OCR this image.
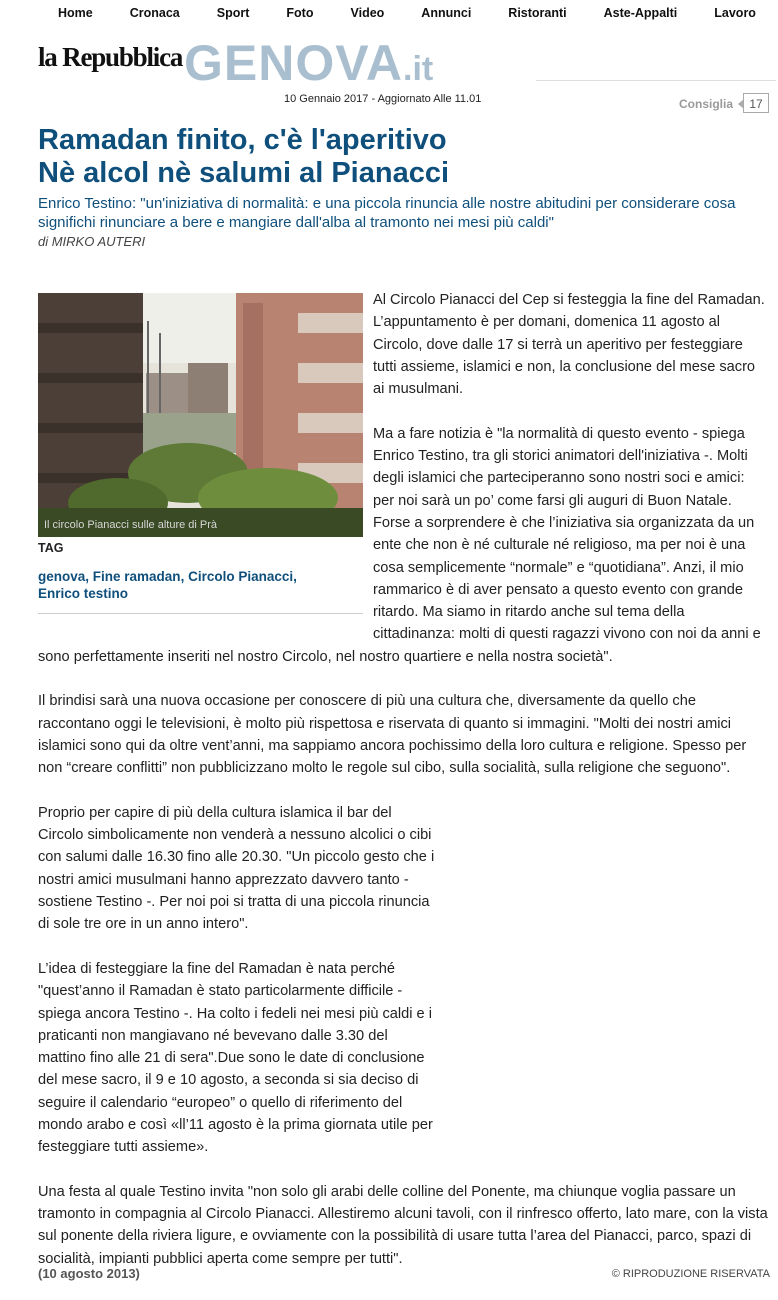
Home	Cronaca	Sport	Foto	Video	Annunci	Ristoranti	Aste-Appalti	Lavoro
la Repubblica GENOVA.it
10 Gennaio 2017 - Aggiornato Alle 11.01	Consiglia	17
Ramadan finito, c'è l'aperitivo
Nè alcol nè salumi al Pianacci
Enrico Testino: "un'iniziativa di normalità: e una piccola rinuncia alle nostre abitudini per considerare cosa significhi rinunciare a bere e mangiare dall'alba al tramonto nei mesi più caldi"
di MIRKO AUTERI
Il circolo Pianacci sulle alture di Prà
TAG
genova, Fine ramadan, Circolo Pianacci,
Enrico testino

Al Circolo Pianacci del Cep si festeggia la fine del Ramadan. L’appuntamento è per domani, domenica 11 agosto al Circolo, dove dalle 17 si terrà un aperitivo per festeggiare tutti assieme, islamici e non, la conclusione del mese sacro ai musulmani.

Ma a fare notizia è "la normalità di questo evento - spiega Enrico Testino, tra gli storici animatori dell'iniziativa -. Molti degli islamici che parteciperanno sono nostri soci e amici: per noi sarà un po’ come farsi gli auguri di Buon Natale. Forse a sorprendere è che l’iniziativa sia organizzata da un ente che non è né culturale né religioso, ma per noi è una cosa semplicemente “normale” e “quotidiana”. Anzi, il mio rammarico è di aver pensato a questo evento con grande ritardo. Ma siamo in ritardo anche sul tema della cittadinanza: molti di questi ragazzi vivono con noi da anni e sono perfettamente inseriti nel nostro Circolo, nel nostro quartiere e nella nostra società".

Il brindisi sarà una nuova occasione per conoscere di più una cultura che, diversamente da quello che raccontano oggi le televisioni, è molto più rispettosa e riservata di quanto si immagini. "Molti dei nostri amici islamici sono qui da oltre vent’anni, ma sappiamo ancora pochissimo della loro cultura e religione. Spesso per non “creare conflitti” non pubblicizzano molto le regole sul cibo, sulla socialità, sulla religione che seguono".

Proprio per capire di più della cultura islamica il bar del Circolo simbolicamente non venderà a nessuno alcolici o cibi con salumi dalle 16.30 fino alle 20.30. "Un piccolo gesto che i nostri amici musulmani hanno apprezzato davvero tanto - sostiene Testino -. Per noi poi si tratta di una piccola rinuncia di sole tre ore in un anno intero".

L’idea di festeggiare la fine del Ramadan è nata perché "quest’anno il Ramadan è stato particolarmente difficile - spiega ancora Testino -. Ha colto i fedeli nei mesi più caldi e i praticanti non mangiavano né bevevano dalle 3.30 del mattino fino alle 21 di sera".Due sono le date di conclusione del mese sacro, il 9 e 10 agosto, a seconda si sia deciso di seguire il calendario “europeo” o quello di riferimento del mondo arabo e così «ll’11 agosto è la prima giornata utile per festeggiare tutti assieme».

Una festa al quale Testino invita "non solo gli arabi delle colline del Ponente, ma chiunque voglia passare un tramonto in compagnia al Circolo Pianacci. Allestiremo alcuni tavoli, con il rinfresco offerto, lato mare, con la vista sul ponente della riviera ligure, e ovviamente con la possibilità di usare tutta l’area del Pianacci, parco, spazi di socialità, impianti pubblici aperta come sempre per tutti".

(10 agosto 2013)	© RIPRODUZIONE RISERVATA
